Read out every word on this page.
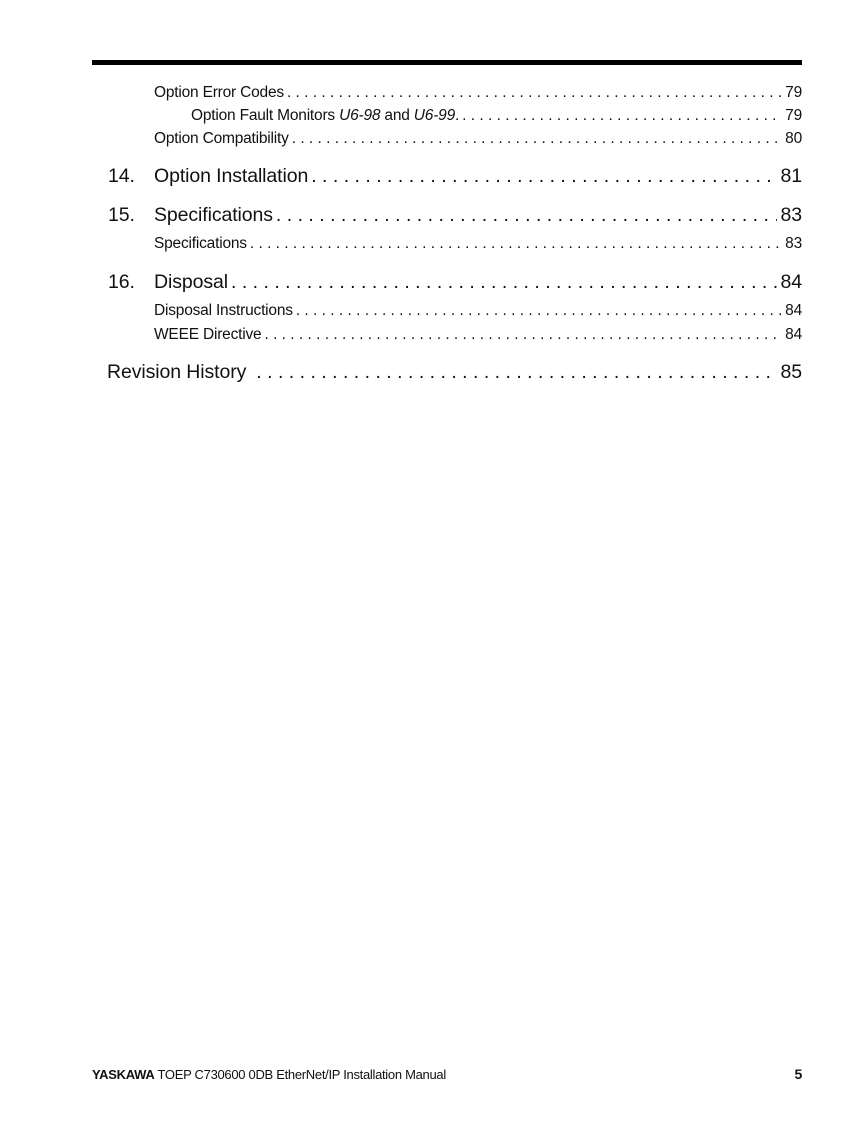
Option Error Codes . . .	79
Option Fault Monitors U6-98 and U6-99. . . .	79
Option Compatibility . . .	80
14. Option Installation . . .	81
15. Specifications . . .	83
Specifications . . .	83
16. Disposal . . .	84
Disposal Instructions . . .	84
WEEE Directive . . .	84
Revision History . . .	85
YASKAWA TOEP C730600 0DB EtherNet/IP Installation Manual	5
